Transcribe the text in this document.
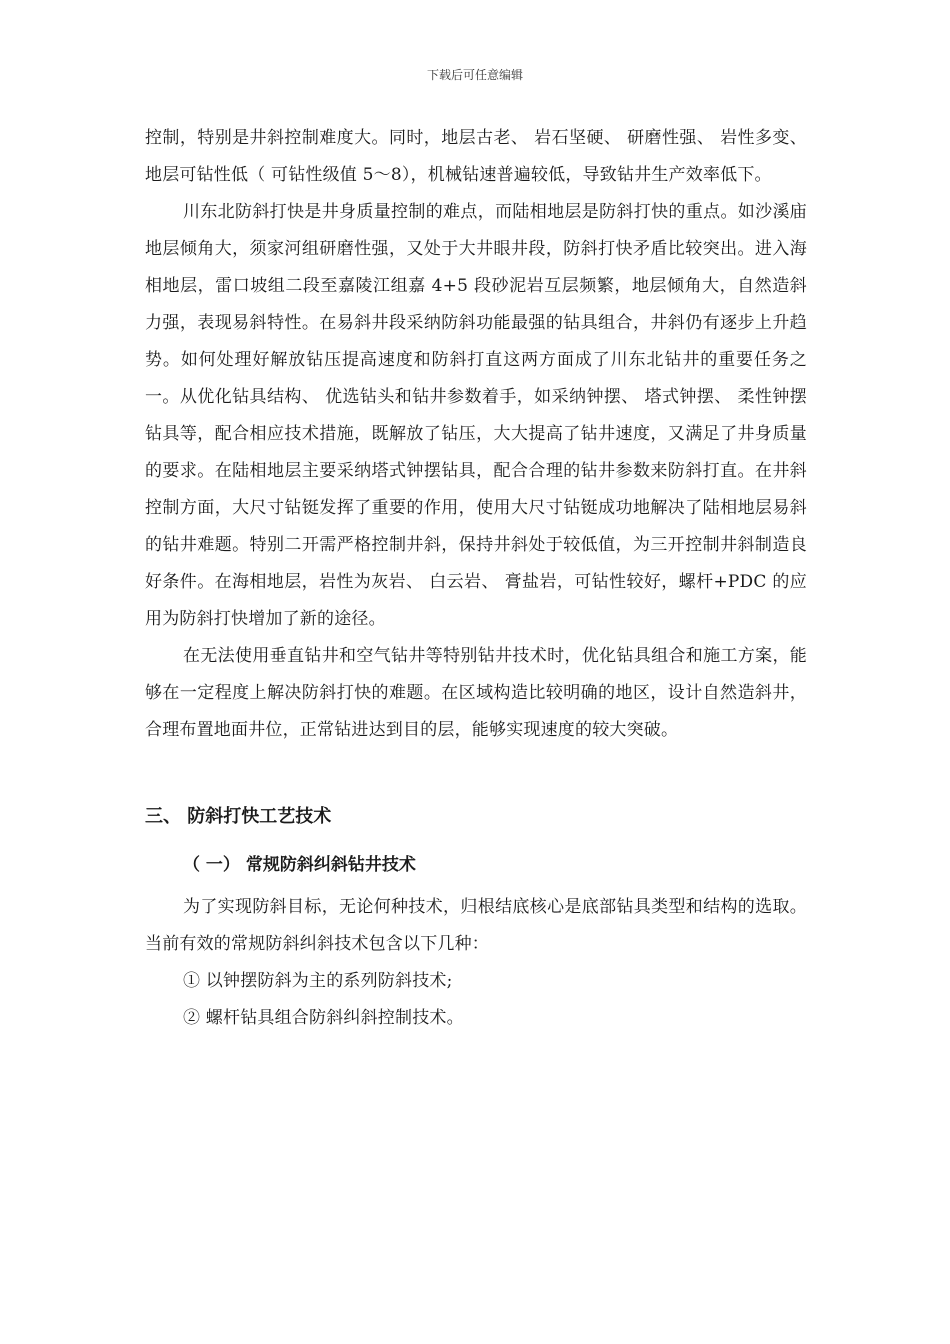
下载后可任意编辑

控制，特别是井斜控制难度大。同时，地层古老、 岩石坚硬、 研磨性强、 岩性多变、 地层可钻性低（ 可钻性级值 5～8），机械钻速普遍较低，导致钻井生产效率低下。

川东北防斜打快是井身质量控制的难点，而陆相地层是防斜打快的重点。如沙溪庙地层倾角大，须家河组研磨性强，又处于大井眼井段，防斜打快矛盾比较突出。进入海相地层，雷口坡组二段至嘉陵江组嘉 4+5 段砂泥岩互层频繁，地层倾角大，自然造斜力强，表现易斜特性。在易斜井段采纳防斜功能最强的钻具组合，井斜仍有逐步上升趋势。如何处理好解放钻压提高速度和防斜打直这两方面成了川东北钻井的重要任务之一。从优化钻具结构、 优选钻头和钻井参数着手，如采纳钟摆、 塔式钟摆、 柔性钟摆钻具等，配合相应技术措施，既解放了钻压，大大提高了钻井速度，又满足了井身质量的要求。在陆相地层主要采纳塔式钟摆钻具，配合合理的钻井参数来防斜打直。在井斜控制方面，大尺寸钻铤发挥了重要的作用，使用大尺寸钻铤成功地解决了陆相地层易斜的钻井难题。特别二开需严格控制井斜，保持井斜处于较低值，为三开控制井斜制造良好条件。在海相地层，岩性为灰岩、 白云岩、 膏盐岩，可钻性较好，螺杆+PDC 的应用为防斜打快增加了新的途径。

在无法使用垂直钻井和空气钻井等特别钻井技术时，优化钻具组合和施工方案，能够在一定程度上解决防斜打快的难题。在区域构造比较明确的地区，设计自然造斜井，合理布置地面井位，正常钻进达到目的层，能够实现速度的较大突破。

三、 防斜打快工艺技术
（ 一） 常规防斜纠斜钻井技术

为了实现防斜目标，无论何种技术，归根结底核心是底部钻具类型和结构的选取。当前有效的常规防斜纠斜技术包含以下几种：

① 以钟摆防斜为主的系列防斜技术;

② 螺杆钻具组合防斜纠斜控制技术。
